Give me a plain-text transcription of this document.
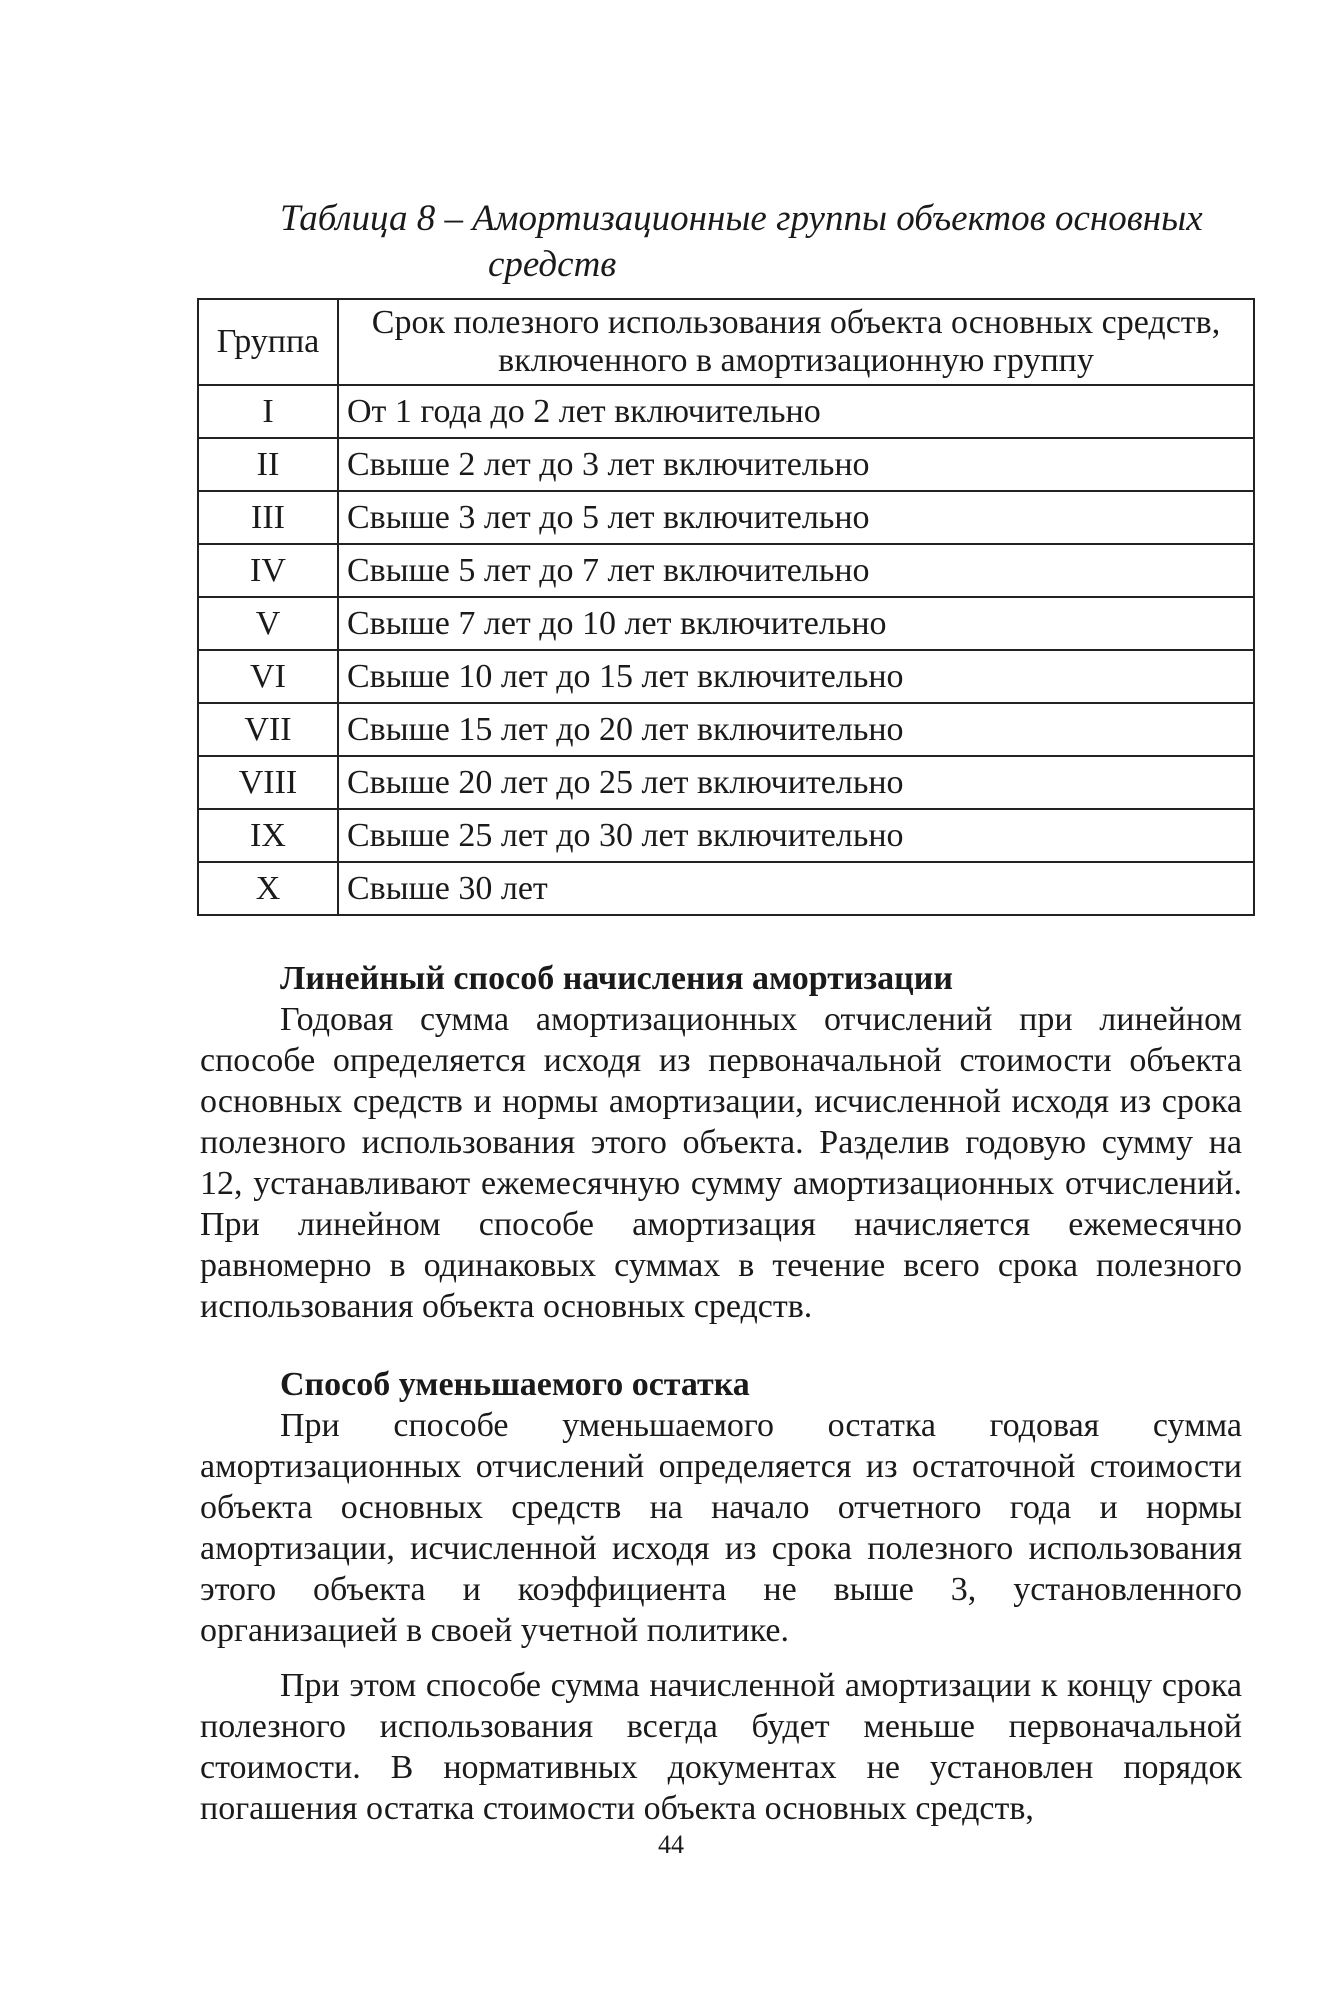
Таблица 8 – Амортизационные группы объектов основных
средств
Группа	Срок полезного использования объекта основных средств, включенного в амортизационную группу
I	От 1 года до 2 лет включительно
II	Свыше 2 лет до 3 лет включительно
III	Свыше 3 лет до 5 лет включительно
IV	Свыше 5 лет до 7 лет включительно
V	Свыше 7 лет до 10 лет включительно
VI	Свыше 10 лет до 15 лет включительно
VII	Свыше 15 лет до 20 лет включительно
VIII	Свыше 20 лет до 25 лет включительно
IX	Свыше 25 лет до 30 лет включительно
X	Свыше 30 лет

Линейный способ начисления амортизации

Годовая сумма амортизационных отчислений при линейном способе определяется исходя из первоначальной стоимости объекта основных средств и нормы амортизации, исчисленной исходя из срока полезного использования этого объекта. Разделив годовую сумму на 12, устанавливают ежемесячную сумму амортизационных отчислений. При линейном способе амортизация начисляется ежемесячно равномерно в одинаковых суммах в течение всего срока полезного использования объекта основных средств.

Способ уменьшаемого остатка

При способе уменьшаемого остатка годовая сумма амортизационных отчислений определяется из остаточной стоимости объекта основных средств на начало отчетного года и нормы амортизации, исчисленной исходя из срока полезного использования этого объекта и коэффициента не выше 3, установленного организацией в своей учетной политике.

При этом способе сумма начисленной амортизации к концу срока полезного использования всегда будет меньше первоначальной стоимости. В нормативных документах не установлен порядок погашения остатка стоимости объекта основных средств,

44
